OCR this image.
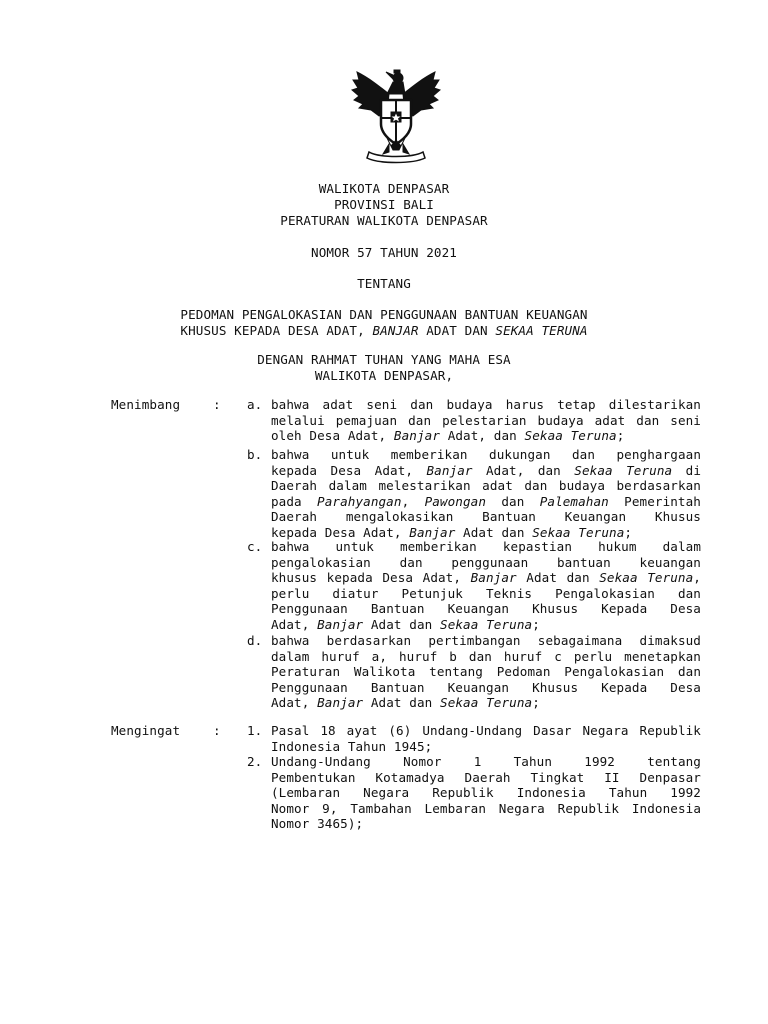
WALIKOTA DENPASAR
PROVINSI BALI
PERATURAN WALIKOTA DENPASAR
NOMOR 57 TAHUN 2021
TENTANG
PEDOMAN PENGALOKASIAN DAN PENGGUNAAN BANTUAN KEUANGAN
KHUSUS KEPADA DESA ADAT, BANJAR ADAT DAN SEKAA TERUNA
DENGAN RAHMAT TUHAN YANG MAHA ESA
WALIKOTA DENPASAR,
Menimbang	: a. bahwa adat seni dan budaya harus tetap dilestarikan
melalui pemajuan dan pelestarian budaya adat dan seni
oleh Desa Adat, Banjar Adat, dan Sekaa Teruna;
b. bahwa untuk memberikan dukungan dan penghargaan
kepada Desa Adat, Banjar Adat, dan Sekaa Teruna di
Daerah dalam melestarikan adat dan budaya berdasarkan
pada Parahyangan, Pawongan dan Palemahan Pemerintah
Daerah mengalokasikan Bantuan Keuangan Khusus
kepada Desa Adat, Banjar Adat dan Sekaa Teruna;
c. bahwa untuk memberikan kepastian hukum dalam
pengalokasian dan penggunaan bantuan keuangan
khusus kepada Desa Adat, Banjar Adat dan Sekaa Teruna,
perlu diatur Petunjuk Teknis Pengalokasian dan
Penggunaan Bantuan Keuangan Khusus Kepada Desa
Adat, Banjar Adat dan Sekaa Teruna;
d. bahwa berdasarkan pertimbangan sebagaimana dimaksud
dalam huruf a, huruf b dan huruf c perlu menetapkan
Peraturan Walikota tentang Pedoman Pengalokasian dan
Penggunaan Bantuan Keuangan Khusus Kepada Desa
Adat, Banjar Adat dan Sekaa Teruna;
Mengingat	: 1. Pasal 18 ayat (6) Undang-Undang Dasar Negara Republik
Indonesia Tahun 1945;
2. Undang-Undang Nomor 1 Tahun 1992 tentang
Pembentukan Kotamadya Daerah Tingkat II Denpasar
(Lembaran Negara Republik Indonesia Tahun 1992
Nomor 9, Tambahan Lembaran Negara Republik Indonesia
Nomor 3465);
